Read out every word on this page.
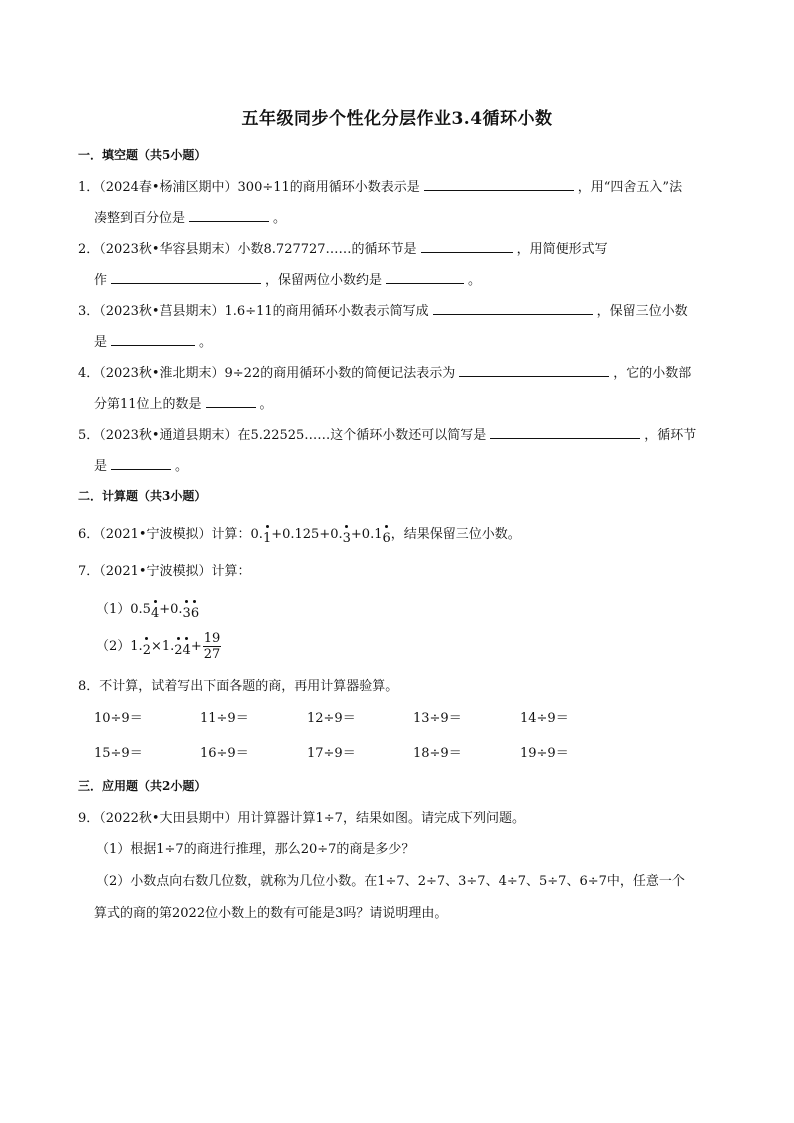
五年级同步个性化分层作业3.4循环小数
一．填空题（共5小题）
1．（2024春•杨浦区期中）300÷11的商用循环小数表示是	，用“四舍五入”法
凑整到百分位是	。
2．（2023秋•华容县期末）小数8.727727……的循环节是	，用简便形式写
作	，保留两位小数约是	。
3．（2023秋•莒县期末）1.6÷11的商用循环小数表示简写成	，保留三位小数
是	。
4．（2023秋•淮北期末）9÷22的商用循环小数的简便记法表示为	，它的小数部
分第11位上的数是	。
5．（2023秋•通道县期末）在5.22525……这个循环小数还可以简写是	，循环节
是	。
二．计算题（共3小题）
6．（2021•宁波模拟）计算：0.1+0.125+0.3+0.16，结果保留三位小数。
7．（2021•宁波模拟）计算：
（1）0.54+0.36
$(2)1.2\times 1.24+ \frac{19}{27}$
8．不计算，试着写出下面各题的商，再用计算器验算。
10÷9＝	11÷9＝	12÷9＝	13÷9＝	14÷9＝
15÷9＝	16÷9＝	17÷9＝	18÷9＝	19÷9＝
三．应用题（共2小题）
9．（2022秋•大田县期中）用计算器计算1÷7，结果如图。请完成下列问题。
（1）根据1÷7的商进行推理，那么20÷7的商是多少？
（2）小数点向右数几位数，就称为几位小数。在1÷7、2÷7、3÷7、4÷7、5÷7、6÷7中，任意一个
算式的商的第2022位小数上的数有可能是3吗？请说明理由。
